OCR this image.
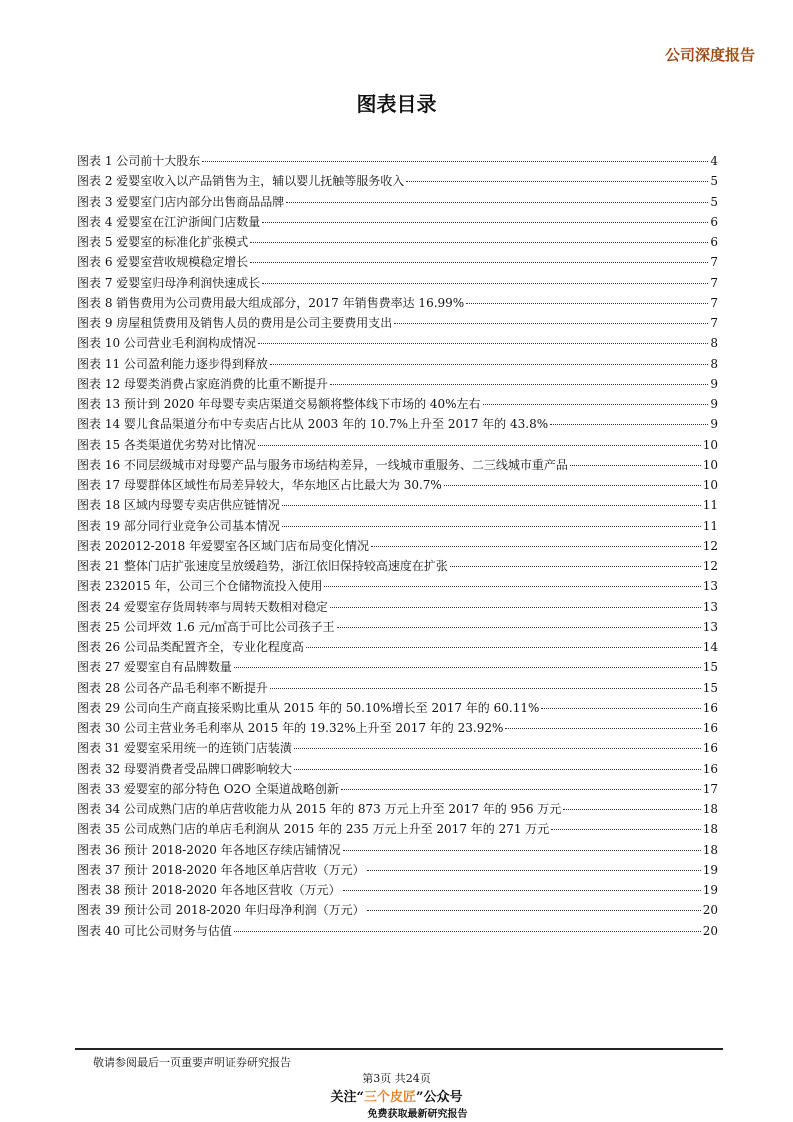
公司深度报告
图表目录
图表 1 公司前十大股东	4
图表 2 爱婴室收入以产品销售为主，辅以婴儿抚触等服务收入	5
图表 3 爱婴室门店内部分出售商品品牌	5
图表 4 爱婴室在江沪浙闽门店数量	6
图表 5 爱婴室的标准化扩张模式	6
图表 6 爱婴室营收规模稳定增长	7
图表 7 爱婴室归母净利润快速成长	7
图表 8 销售费用为公司费用最大组成部分，2017 年销售费率达 16.99%	7
图表 9 房屋租赁费用及销售人员的费用是公司主要费用支出	7
图表 10 公司营业毛利润构成情况	8
图表 11 公司盈利能力逐步得到释放	8
图表 12 母婴类消费占家庭消费的比重不断提升	9
图表 13 预计到 2020 年母婴专卖店渠道交易额将整体线下市场的 40%左右	9
图表 14 婴儿食品渠道分布中专卖店占比从 2003 年的 10.7%上升至 2017 年的 43.8%	9
图表 15 各类渠道优劣势对比情况	10
图表 16 不同层级城市对母婴产品与服务市场结构差异，一线城市重服务、二三线城市重产品	10
图表 17 母婴群体区域性布局差异较大，华东地区占比最大为 30.7%	10
图表 18 区域内母婴专卖店供应链情况	11
图表 19 部分同行业竞争公司基本情况	11
图表 202012-2018 年爱婴室各区域门店布局变化情况	12
图表 21 整体门店扩张速度呈放缓趋势，浙江依旧保持较高速度在扩张	12
图表 232015 年，公司三个仓储物流投入使用	13
图表 24 爱婴室存货周转率与周转天数相对稳定	13
图表 25 公司坪效 1.6 元/㎡高于可比公司孩子王	13
图表 26 公司品类配置齐全，专业化程度高	14
图表 27 爱婴室自有品牌数量	15
图表 28 公司各产品毛利率不断提升	15
图表 29 公司向生产商直接采购比重从 2015 年的 50.10%增长至 2017 年的 60.11%	16
图表 30 公司主营业务毛利率从 2015 年的 19.32%上升至 2017 年的 23.92%	16
图表 31 爱婴室采用统一的连锁门店装潢	16
图表 32 母婴消费者受品牌口碑影响较大	16
图表 33 爱婴室的部分特色 O2O 全渠道战略创新	17
图表 34 公司成熟门店的单店营收能力从 2015 年的 873 万元上升至 2017 年的 956 万元	18
图表 35 公司成熟门店的单店毛利润从 2015 年的 235 万元上升至 2017 年的 271 万元	18
图表 36 预计 2018-2020 年各地区存续店铺情况	18
图表 37 预计 2018-2020 年各地区单店营收（万元）	19
图表 38 预计 2018-2020 年各地区营收（万元）	19
图表 39 预计公司 2018-2020 年归母净利润（万元）	20
图表 40 可比公司财务与估值	20
敬请参阅最后一页重要声明证券研究报告
第3页 共24页
关注“三个皮匠”公众号
免费获取最新研究报告
